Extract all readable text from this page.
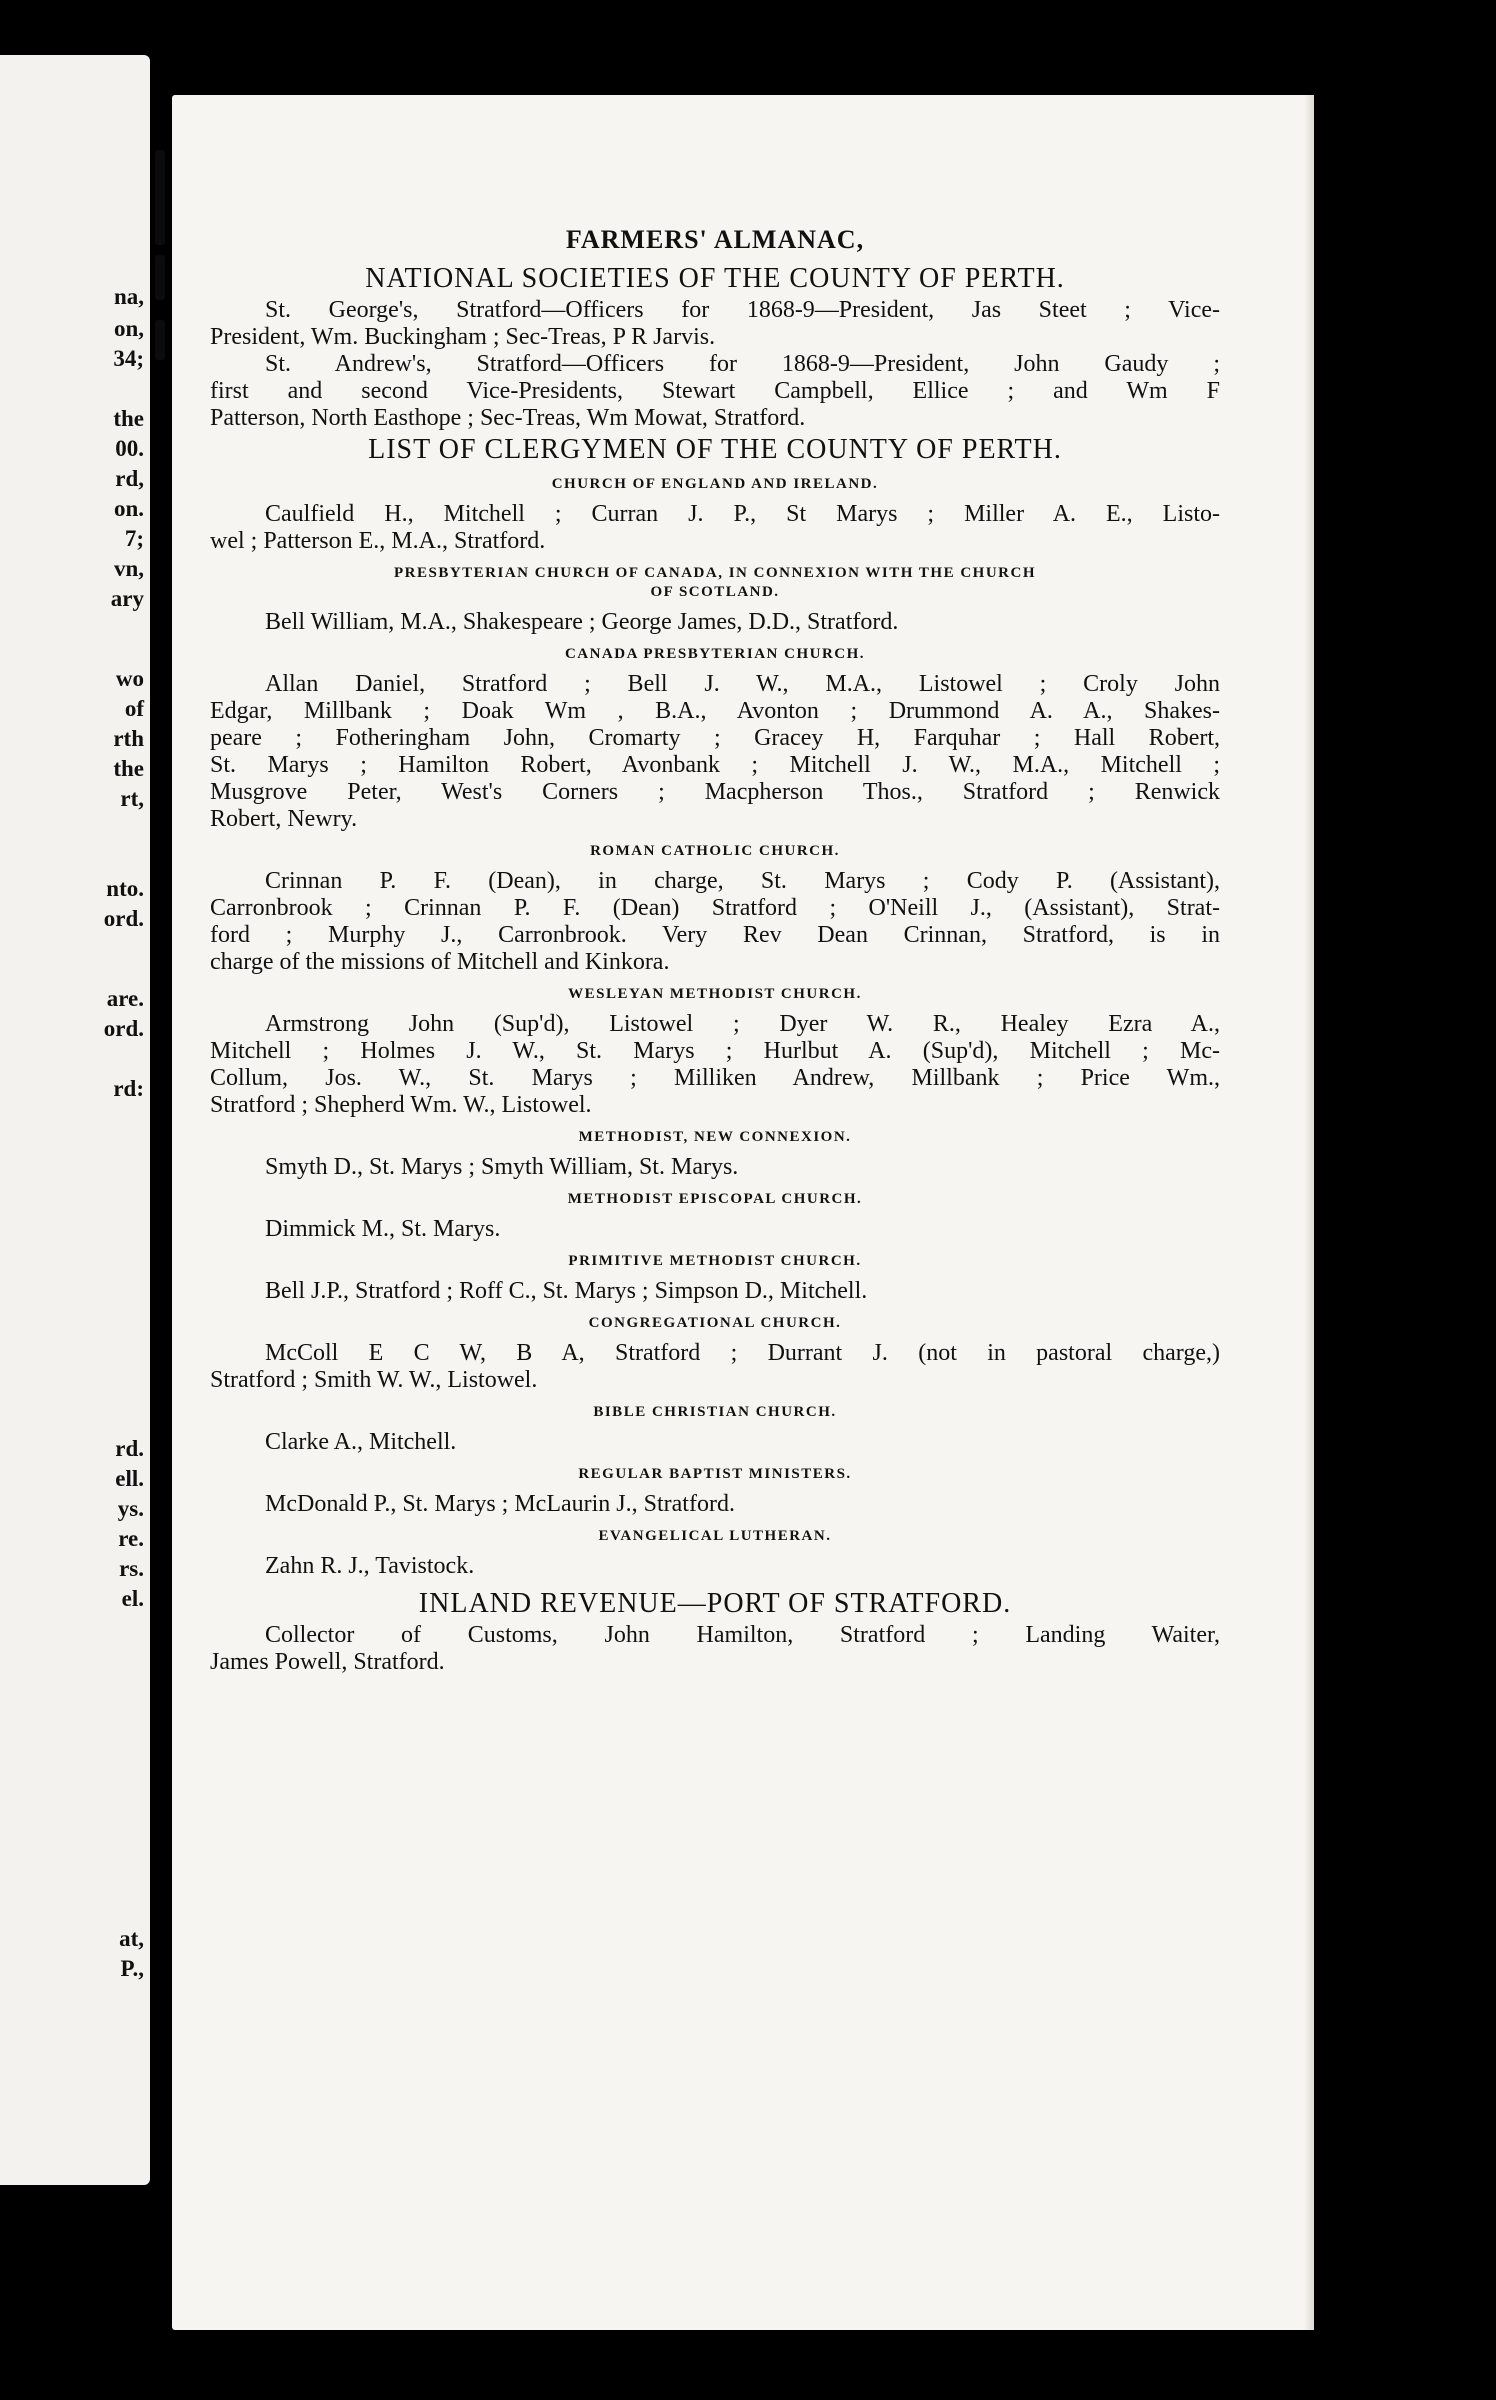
na,
on,
34;
the
00.
rd,
on.
7;
vn,
ary
wo
of
rth
the
rt,
nto.
ord.
are.
ord.
rd:
rd.
ell.
ys.
re.
rs.
el.
at,
P.,
FARMERS' ALMANAC,
NATIONAL SOCIETIES OF THE COUNTY OF PERTH.
St. George's, Stratford—Officers for 1868-9—President, Jas Steet ; Vice-
President, Wm. Buckingham ; Sec-Treas, P R Jarvis.
St. Andrew's, Stratford—Officers for 1868-9—President, John Gaudy ;
first and second Vice-Presidents, Stewart Campbell, Ellice ; and Wm F
Patterson, North Easthope ; Sec-Treas, Wm Mowat, Stratford.
LIST OF CLERGYMEN OF THE COUNTY OF PERTH.
CHURCH OF ENGLAND AND IRELAND.
Caulfield H., Mitchell ; Curran J. P., St Marys ; Miller A. E., Listo-
wel ; Patterson E., M.A., Stratford.
PRESBYTERIAN CHURCH OF CANADA, IN CONNEXION WITH THE CHURCH
OF SCOTLAND.
Bell William, M.A., Shakespeare ; George James, D.D., Stratford.
CANADA PRESBYTERIAN CHURCH.
Allan Daniel, Stratford ; Bell J. W., M.A., Listowel ; Croly John
Edgar, Millbank ; Doak Wm , B.A., Avonton ; Drummond A. A., Shakes-
peare ; Fotheringham John, Cromarty ; Gracey H, Farquhar ; Hall Robert,
St. Marys ; Hamilton Robert, Avonbank ; Mitchell J. W., M.A., Mitchell ;
Musgrove Peter, West's Corners ; Macpherson Thos., Stratford ; Renwick
Robert, Newry.
ROMAN CATHOLIC CHURCH.
Crinnan P. F. (Dean), in charge, St. Marys ; Cody P. (Assistant),
Carronbrook ; Crinnan P. F. (Dean) Stratford ; O'Neill J., (Assistant), Strat-
ford ; Murphy J., Carronbrook. Very Rev Dean Crinnan, Stratford, is in
charge of the missions of Mitchell and Kinkora.
WESLEYAN METHODIST CHURCH.
Armstrong John (Sup'd), Listowel ; Dyer W. R., Healey Ezra A.,
Mitchell ; Holmes J. W., St. Marys ; Hurlbut A. (Sup'd), Mitchell ; Mc-
Collum, Jos. W., St. Marys ; Milliken Andrew, Millbank ; Price Wm.,
Stratford ; Shepherd Wm. W., Listowel.
METHODIST, NEW CONNEXION.
Smyth D., St. Marys ; Smyth William, St. Marys.
METHODIST EPISCOPAL CHURCH.
Dimmick M., St. Marys.
PRIMITIVE METHODIST CHURCH.
Bell J.P., Stratford ; Roff C., St. Marys ; Simpson D., Mitchell.
CONGREGATIONAL CHURCH.
McColl E C W, B A, Stratford ; Durrant J. (not in pastoral charge,)
Stratford ; Smith W. W., Listowel.
BIBLE CHRISTIAN CHURCH.
Clarke A., Mitchell.
REGULAR BAPTIST MINISTERS.
McDonald P., St. Marys ; McLaurin J., Stratford.
EVANGELICAL LUTHERAN.
Zahn R. J., Tavistock.
INLAND REVENUE—PORT OF STRATFORD.
Collector of Customs, John Hamilton, Stratford ; Landing Waiter,
James Powell, Stratford.
